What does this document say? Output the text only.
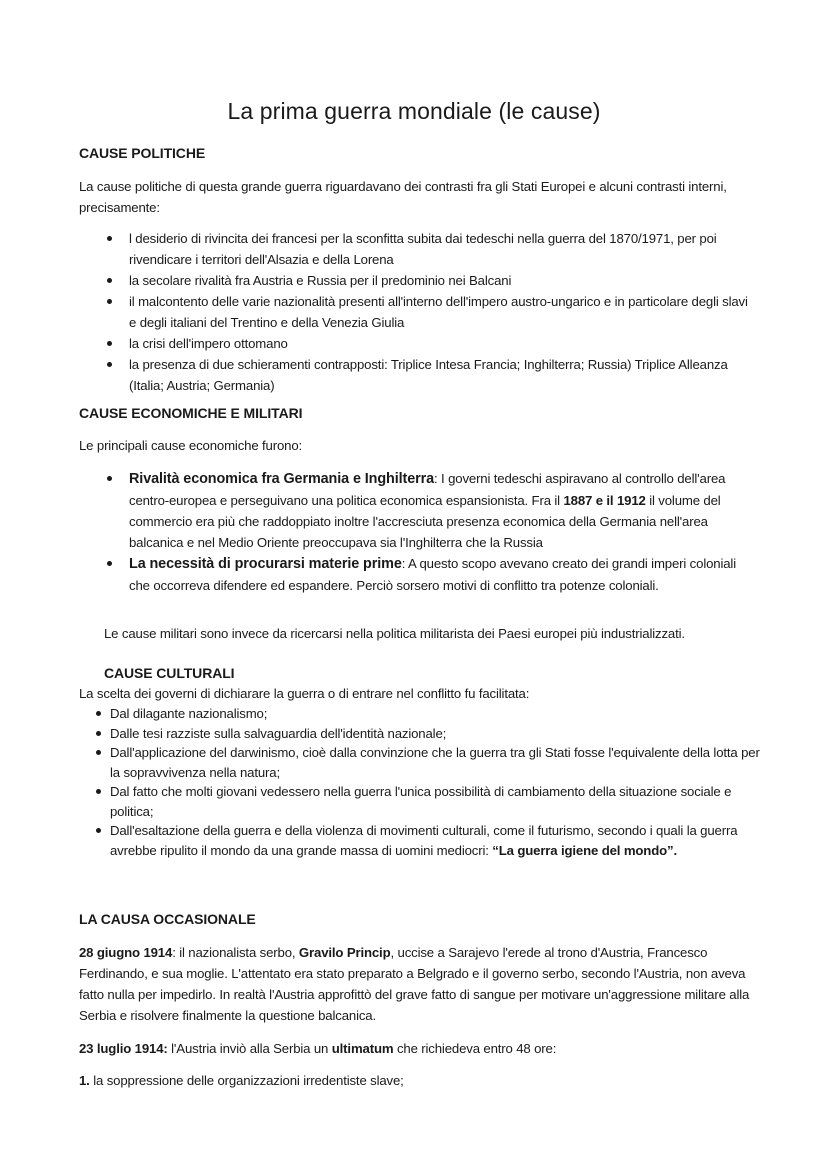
La prima guerra mondiale (le cause)
CAUSE POLITICHE

La cause politiche di questa grande guerra riguardavano dei contrasti fra gli Stati Europei e alcuni contrasti interni, precisamente:

l desiderio di rivincita dei francesi per la sconfitta subita dai tedeschi nella guerra del 1870/1971, per poi rivendicare i territori dell'Alsazia e della Lorena
la secolare rivalità fra Austria e Russia per il predominio nei Balcani
il malcontento delle varie nazionalità presenti all'interno dell'impero austro-ungarico e in particolare degli slavi e degli italiani del Trentino e della Venezia Giulia
la crisi dell'impero ottomano
la presenza di due schieramenti contrapposti: Triplice Intesa Francia; Inghilterra; Russia) Triplice Alleanza (Italia; Austria; Germania)
CAUSE ECONOMICHE E MILITARI

Le principali cause economiche furono:

Rivalità economica fra Germania e Inghilterra: I governi tedeschi aspiravano al controllo dell'area centro-europea e perseguivano una politica economica espansionista. Fra il 1887 e il 1912 il volume del commercio era più che raddoppiato inoltre l'accresciuta presenza economica della Germania nell'area balcanica e nel Medio Oriente preoccupava sia l'Inghilterra che la Russia
La necessità di procurarsi materie prime: A questo scopo avevano creato dei grandi imperi coloniali che occorreva difendere ed espandere. Perciò sorsero motivi di conflitto tra potenze coloniali.

Le cause militari sono invece da ricercarsi nella politica militarista dei Paesi europei più industrializzati.

CAUSE CULTURALI

La scelta dei governi di dichiarare la guerra o di entrare nel conflitto fu facilitata:

Dal dilagante nazionalismo;
Dalle tesi razziste sulla salvaguardia dell'identità nazionale;
Dall'applicazione del darwinismo, cioè dalla convinzione che la guerra tra gli Stati fosse l'equivalente della lotta per la sopravvivenza nella natura;
Dal fatto che molti giovani vedessero nella guerra l'unica possibilità di cambiamento della situazione sociale e politica;
Dall'esaltazione della guerra e della violenza di movimenti culturali, come il futurismo, secondo i quali la guerra avrebbe ripulito il mondo da una grande massa di uomini mediocri: “La guerra igiene del mondo”.
LA CAUSA OCCASIONALE

28 giugno 1914: il nazionalista serbo, Gravilo Princip, uccise a Sarajevo l'erede al trono d'Austria, Francesco Ferdinando, e sua moglie. L'attentato era stato preparato a Belgrado e il governo serbo, secondo l'Austria, non aveva fatto nulla per impedirlo. In realtà l'Austria approfittò del grave fatto di sangue per motivare un'aggressione militare alla Serbia e risolvere finalmente la questione balcanica.

23 luglio 1914: l'Austria inviò alla Serbia un ultimatum che richiedeva entro 48 ore:

1. la soppressione delle organizzazioni irredentiste slave;
